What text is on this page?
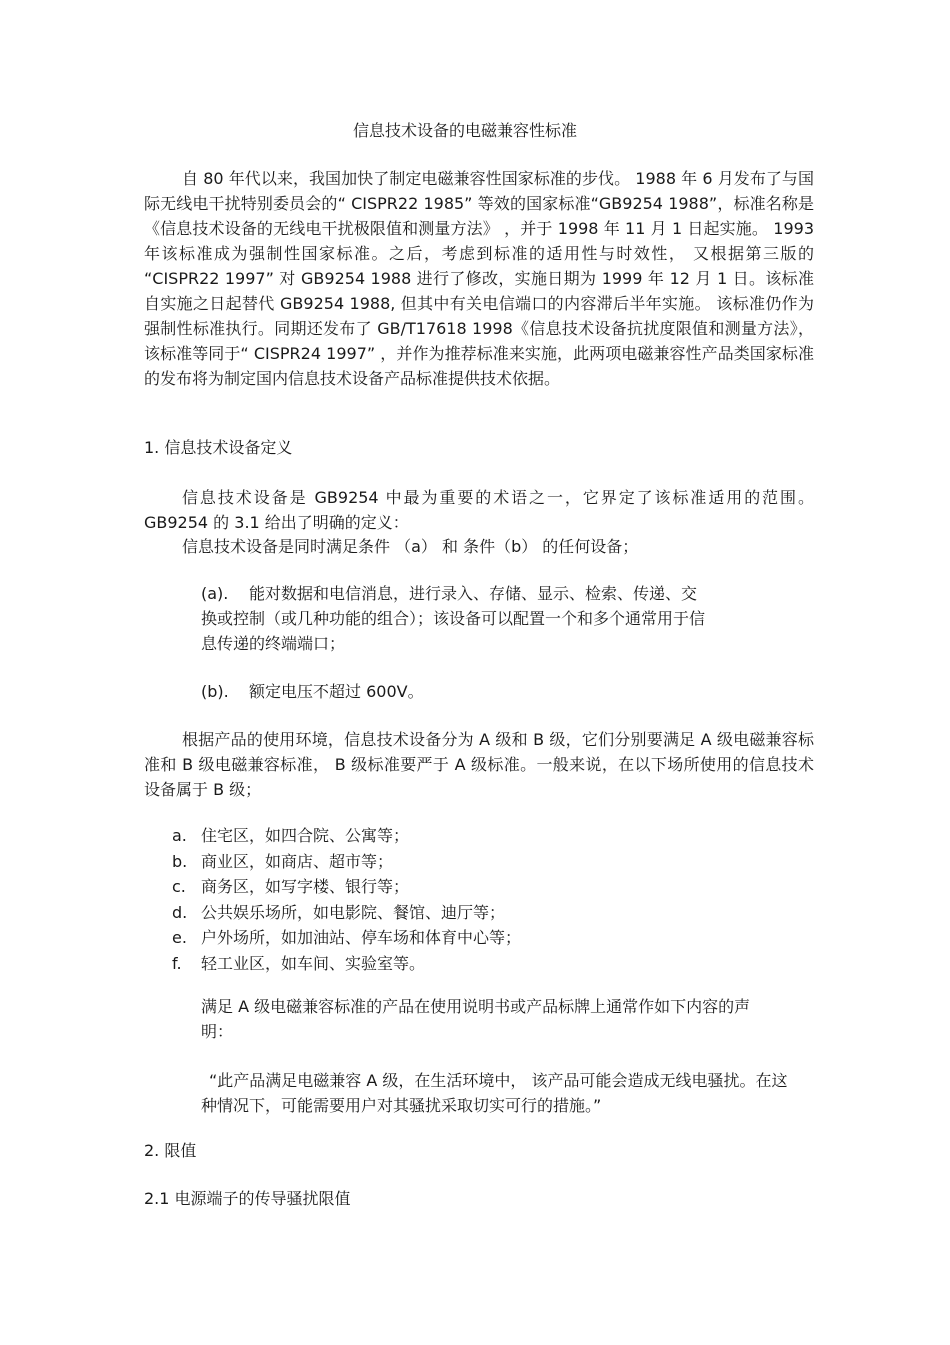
信息技术设备的电磁兼容性标准

自 80 年代以来，我国加快了制定电磁兼容性国家标准的步伐。 1988 年 6 月发布了与国际无线电干扰特别委员会的“ CISPR22 1985” 等效的国家标准“GB9254 1988”，标准名称是《信息技术设备的无线电干扰极限值和测量方法》 ，并于 1998 年 11 月 1 日起实施。 1993 年该标准成为强制性国家标准。之后，考虑到标准的适用性与时效性， 又根据第三版的 “CISPR22 1997” 对 GB9254 1988 进行了修改，实施日期为 1999 年 12 月 1 日。该标准自实施之日起替代 GB9254 1988, 但其中有关电信端口的内容滞后半年实施。 该标准仍作为强制性标准执行。同期还发布了 GB/T17618 1998《信息技术设备抗扰度限值和测量方法》，该标准等同于“ CISPR24 1997” ，并作为推荐标准来实施，此两项电磁兼容性产品类国家标准的发布将为制定国内信息技术设备产品标准提供技术依据。

1. 信息技术设备定义

信息技术设备是 GB9254 中最为重要的术语之一，它界定了该标准适用的范围。GB9254 的 3.1 给出了明确的定义：

信息技术设备是同时满足条件 （a） 和 条件（b） 的任何设备；

(a).	能对数据和电信消息，进行录入、存储、显示、检索、传递、交换或控制（或几种功能的组合）；该设备可以配置一个和多个通常用于信息传递的终端端口；

(b). 额定电压不超过 600V。

根据产品的使用环境，信息技术设备分为 A 级和 B 级，它们分别要满足 A 级电磁兼容标准和 B 级电磁兼容标准， B 级标准要严于 A 级标准。一般来说，在以下场所使用的信息技术设备属于 B 级；

a. 住宅区，如四合院、公寓等；
b. 商业区，如商店、超市等；
c. 商务区，如写字楼、银行等；
d. 公共娱乐场所，如电影院、餐馆、迪厅等；
e. 户外场所，如加油站、停车场和体育中心等；
f. 轻工业区，如车间、实验室等。

满足 A 级电磁兼容标准的产品在使用说明书或产品标牌上通常作如下内容的声明：

“此产品满足电磁兼容 A 级，在生活环境中， 该产品可能会造成无线电骚扰。在这种情况下，可能需要用户对其骚扰采取切实可行的措施。”

2. 限值

2.1 电源端子的传导骚扰限值
